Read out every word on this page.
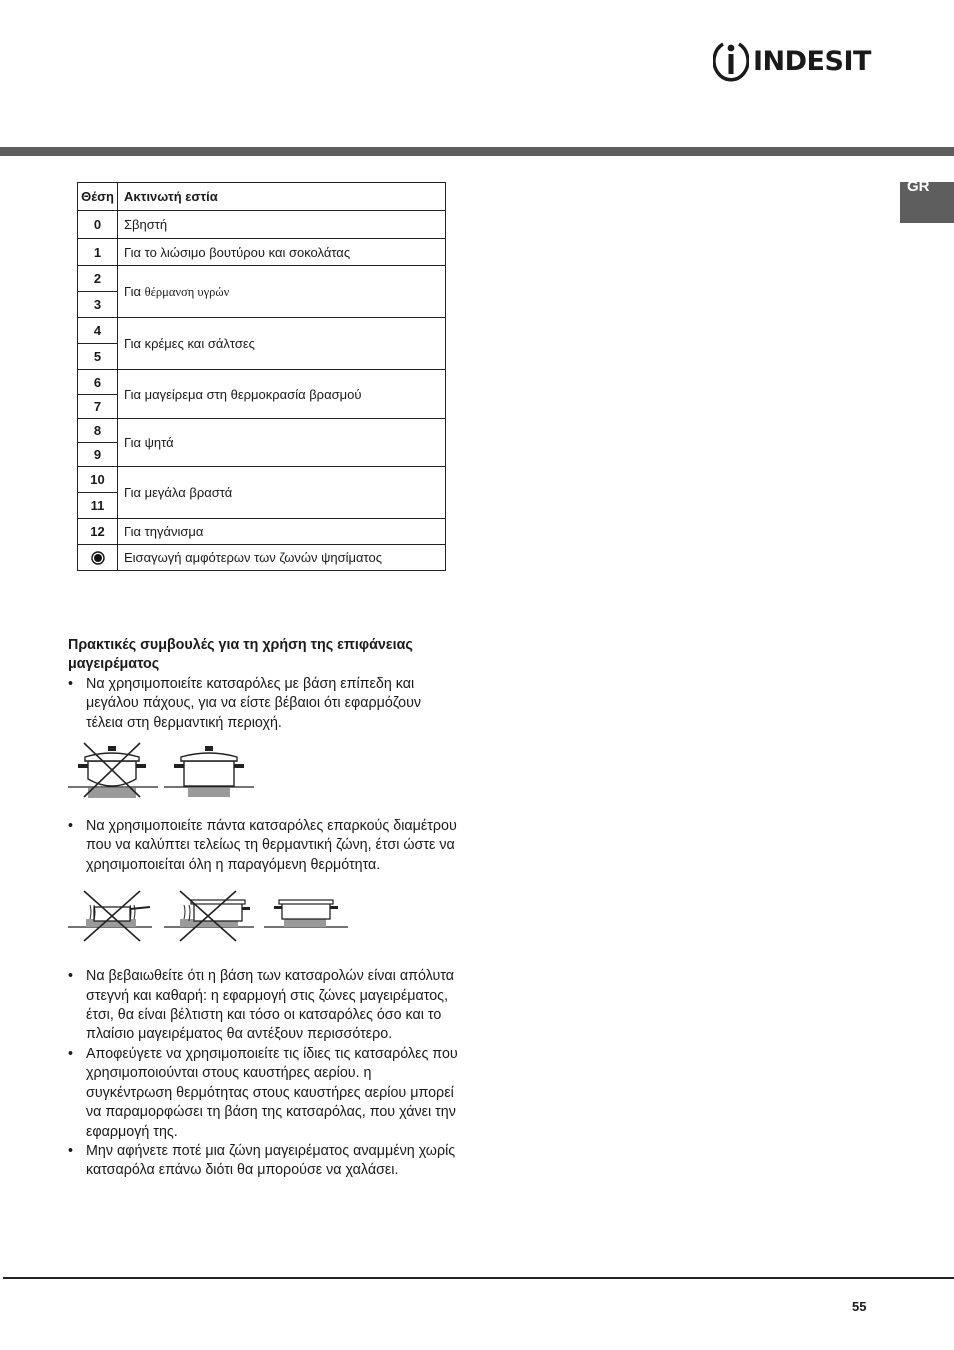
INDESIT
GR
Θέση	Ακτινωτή εστία
0	Σβηστή
1	Για το λιώσιμο βουτύρου και σοκολάτας
2	Για θέρμανση υγρών
3	
4	Για κρέμες και σάλτσες
5	
6	Για μαγείρεμα στη θερμοκρασία βρασμού
7	
8	Για ψητά
9	
10	Για μεγάλα βραστά
11	
12	Για τηγάνισμα
	Εισαγωγή αμφότερων των ζωνών ψησίματος
Πρακτικές συμβουλές για τη χρήση της επιφάνειας μαγειρέματος

• Να χρησιμοποιείτε κατσαρόλες με βάση επίπεδη και μεγάλου πάχους, για να είστε βέβαιοι ότι εφαρμόζουν τέλεια στη θερμαντική περιοχή.

• Να χρησιμοποιείτε πάντα κατσαρόλες επαρκούς διαμέτρου που να καλύπτει τελείως τη θερμαντική ζώνη, έτσι ώστε να χρησιμοποιείται όλη η παραγόμενη θερμότητα.

• Να βεβαιωθείτε ότι η βάση των κατσαρολών είναι απόλυτα στεγνή και καθαρή: η εφαρμογή στις ζώνες μαγειρέματος, έτσι, θα είναι βέλτιστη και τόσο οι κατσαρόλες όσο και το πλαίσιο μαγειρέματος θα αντέξουν περισσότερο.

• Αποφεύγετε να χρησιμοποιείτε τις ίδιες τις κατσαρόλες που χρησιμοποιούνται στους καυστήρες αερίου. η συγκέντρωση θερμότητας στους καυστήρες αερίου μπορεί να παραμορφώσει τη βάση της κατσαρόλας, που χάνει την εφαρμογή της.

• Μην αφήνετε ποτέ μια ζώνη μαγειρέματος αναμμένη χωρίς κατσαρόλα επάνω διότι θα μπορούσε να χαλάσει.

55
